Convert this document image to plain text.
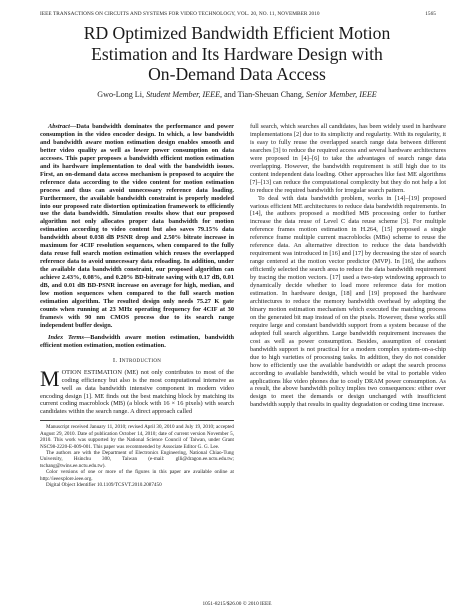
IEEE TRANSACTIONS ON CIRCUITS AND SYSTEMS FOR VIDEO TECHNOLOGY, VOL. 20, NO. 11, NOVEMBER 2010	1565
RD Optimized Bandwidth Efficient Motion
Estimation and Its Hardware Design with
On-Demand Data Access
Gwo-Long Li, Student Member, IEEE, and Tian-Sheuan Chang, Senior Member, IEEE

Abstract—Data bandwidth dominates the performance and power consumption in the video encoder design. In which, a low bandwidth and bandwidth aware motion estimation design enables smooth and better video quality as well as lower power consumption on data accesses. This paper proposes a bandwidth efficient motion estimation and its hardware implementation to deal with the bandwidth issues. First, an on-demand data access mechanism is proposed to acquire the reference data according to the video content for motion estimation process and thus can avoid unnecessary reference data loading. Furthermore, the available bandwidth constraint is properly modeled into our proposed rate distortion optimization framework to efficiently use the data bandwidth. Simulation results show that our proposed algorithm not only allocates proper data bandwidth for motion estimation according to video content but also saves 79.15% data bandwidth about 0.038 dB PSNR drop and 2.50% bitrate increase in maximum for 4CIF resolution sequences, when compared to the fully data reuse full search motion estimation which reuses the overlapped reference data to avoid unnecessary data reloading. In addition, under the available data bandwidth constraint, our proposed algorithm can achieve 2.43%, 0.08%, and 0.20% BD-bitrate saving with 0.17 dB, 0.01 dB, and 0.01 dB BD-PSNR increase on average for high, median, and low motion sequences when compared to the full search motion estimation algorithm. The resulted design only needs 75.27 K gate counts when running at 23 MHz operating frequency for 4CIF at 30 frames/s with 90 nm CMOS process due to its search range independent buffer design.

Index Terms—Bandwidth aware motion estimation, bandwidth efficient motion estimation, motion estimation.

I. Introduction

MOTION ESTIMATION (ME) not only contributes to most of the coding efficiency but also is the most computational intensive as well as data bandwidth intensive component in modern video encoding design [1]. ME finds out the best matching block by matching its current coding macroblock (MB) (a block with 16 × 16 pixels) with search candidates within the search range. A direct approach called

Manuscript received January 11, 2010; revised April 30, 2010 and July 19, 2010; accepted August 29, 2010. Date of publication October 14, 2010; date of current version November 5, 2010. This work was supported by the National Science Council of Taiwan, under Grant NSC98-2220-E-009-001. This paper was recommended by Associate Editor G. G. Lee.

The authors are with the Department of Electronics Engineering, National Chiao-Tung University, Hsinchu 300, Taiwan (e-mail: glli@dragon.ee.nctu.edu.tw; tschang@twins.ee.nctu.edu.tw).

Color versions of one or more of the figures in this paper are available online at http://ieeexplore.ieee.org.

Digital Object Identifier 10.1109/TCSVT.2010.2087450

full search, which searches all candidates, has been widely used in hardware implementations [2] due to its simplicity and regularity. With its regularity, it is easy to fully reuse the overlapped search range data between different searches [3] to reduce the required access and several hardware architectures were proposed in [4]–[6] to take the advantages of search range data overlapping. However, the bandwidth requirement is still high due to its content independent data loading. Other approaches like fast ME algorithms [7]–[13] can reduce the computational complexity but they do not help a lot to reduce the required bandwidth for irregular search pattern.

To deal with data bandwidth problem, works in [14]–[19] proposed various efficient ME architectures to reduce data bandwidth requirements. In [14], the authors proposed a modified MB processing order to further increase the data reuse of Level C data reuse scheme [3]. For multiple reference frames motion estimation in H.264, [15] proposed a single reference frame multiple current macroblocks (MBs) scheme to reuse the reference data. An alternative direction to reduce the data bandwidth requirement was introduced in [16] and [17] by decreasing the size of search range centered at the motion vector predictor (MVP). In [16], the authors efficiently selected the search area to reduce the data bandwidth requirement by tracing the motion vectors. [17] used a two-step windowing approach to dynamically decide whether to load more reference data for motion estimation. In hardware design, [18] and [19] proposed the hardware architectures to reduce the memory bandwidth overhead by adopting the binary motion estimation mechanism which executed the matching process on the generated bit map instead of on the pixels. However, these works still require large and constant bandwidth support from a system because of the adopted full search algorithm. Large bandwidth requirement increases the cost as well as power consumption. Besides, assumption of constant bandwidth support is not practical for a modern complex system-on-a-chip due to high varieties of processing tasks. In addition, they do not consider how to efficiently use the available bandwidth or adapt the search process according to available bandwidth, which would be vital to portable video applications like video phones due to costly DRAM power consumption. As a result, the above bandwidth policy implies two consequences: either over design to meet the demands or design unchanged with insufficient bandwidth supply that results in quality degradation or coding time increase.

1051-8215/$26.00 © 2010 IEEE
